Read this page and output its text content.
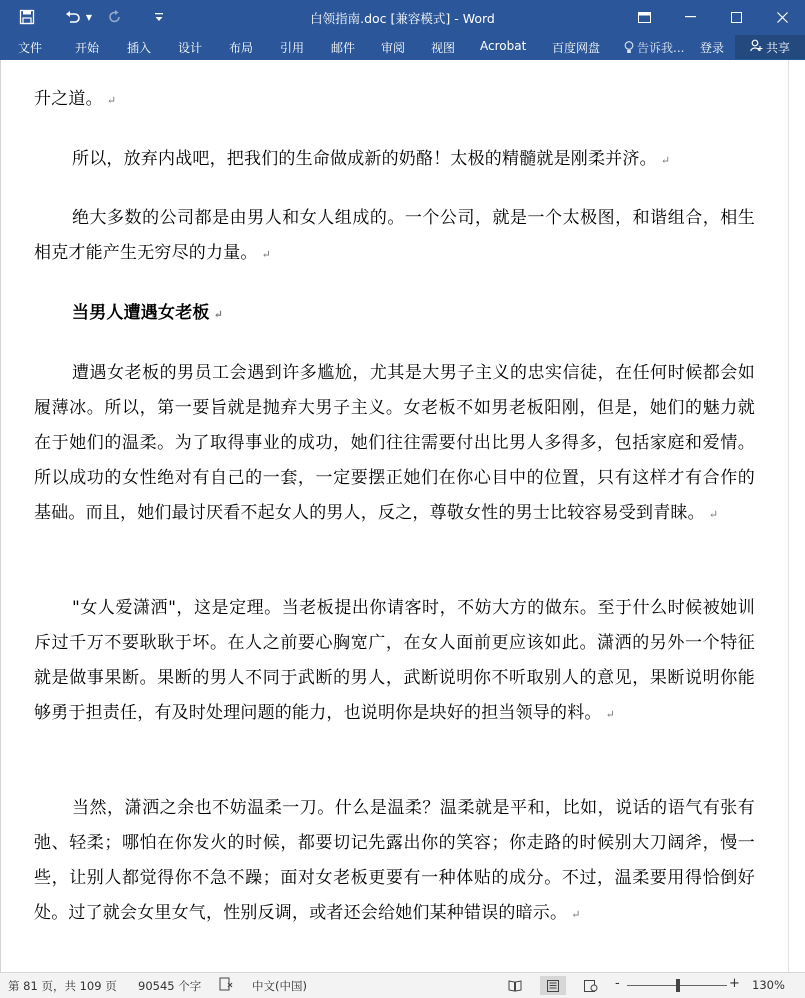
▼	白领指南.doc [兼容模式] - Word
文件	开始 插入 设计 布局 引用 邮件 审阅 视图 Acrobat 百度网盘	告诉我... 登录	共享
升之道。 ↵
所以，放弃内战吧，把我们的生命做成新的奶酪！太极的精髓就是刚柔并济。 ↵
绝大多数的公司都是由男人和女人组成的。一个公司，就是一个太极图，和谐组合，相生相克才能产生无穷尽的力量。 ↵
当男人遭遇女老板 ↵
遭遇女老板的男员工会遇到许多尴尬，尤其是大男子主义的忠实信徒，在任何时候都会如履薄冰。所以，第一要旨就是抛弃大男子主义。女老板不如男老板阳刚，但是，她们的魅力就在于她们的温柔。为了取得事业的成功，她们往往需要付出比男人多得多，包括家庭和爱情。所以成功的女性绝对有自己的一套，一定要摆正她们在你心目中的位置，只有这样才有合作的基础。而且，她们最讨厌看不起女人的男人，反之，尊敬女性的男士比较容易受到青睐。 ↵
"女人爱潇洒"，这是定理。当老板提出你请客时，不妨大方的做东。至于什么时候被她训斥过千万不要耿耿于坏。在人之前要心胸宽广，在女人面前更应该如此。潇洒的另外一个特征就是做事果断。果断的男人不同于武断的男人，武断说明你不听取别人的意见，果断说明你能够勇于担责任，有及时处理问题的能力，也说明你是块好的担当领导的料。 ↵
当然，潇洒之余也不妨温柔一刀。什么是温柔？温柔就是平和，比如，说话的语气有张有弛、轻柔；哪怕在你发火的时候，都要切记先露出你的笑容；你走路的时候别大刀阔斧，慢一些，让别人都觉得你不急不躁；面对女老板更要有一种体贴的成分。不过，温柔要用得恰倒好处。过了就会女里女气，性别反调，或者还会给她们某种错误的暗示。 ↵
第 81 页，共 109 页 90545 个字	中文(中国)	-	+ 130%
